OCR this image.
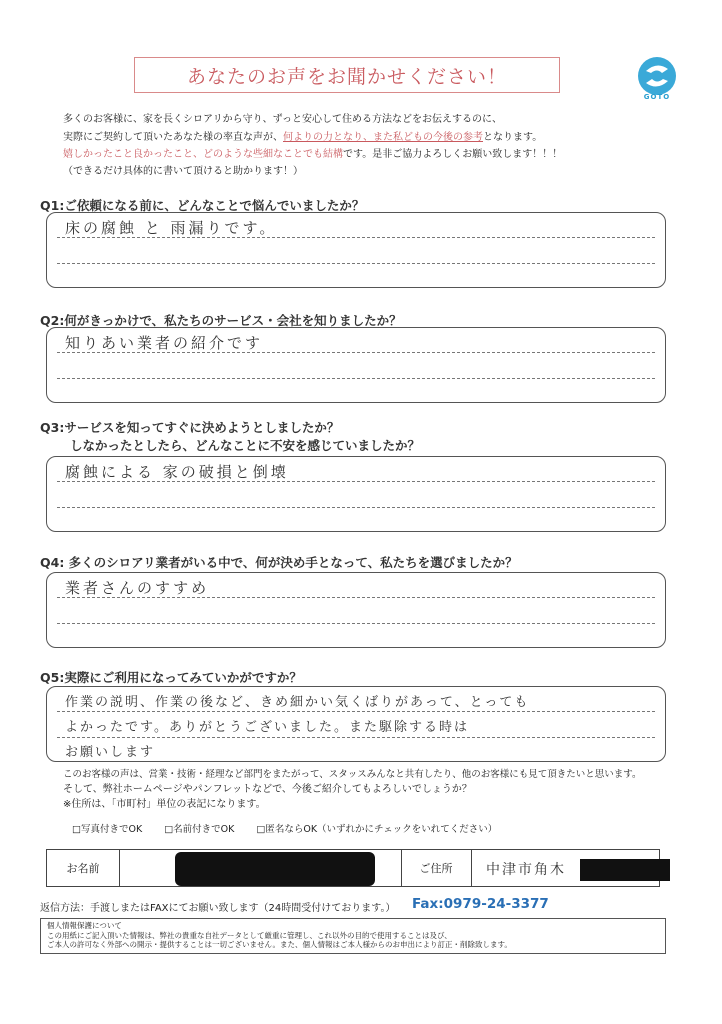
あなたのお声をお聞かせください！
GOTO
多くのお客様に、家を長くシロアリから守り、ずっと安心して住める方法などをお伝えするのに、
実際にご契約して頂いたあなた様の率直な声が、何よりの力となり、また私どもの今後の参考となります。
嬉しかったこと良かったこと、どのような些細なことでも結構です。是非ご協力よろしくお願い致します！！！
（できるだけ具体的に書いて頂けると助かります！）
Q1:ご依頼になる前に、どんなことで悩んでいましたか？
床の腐蝕 と 雨漏りです。
Q2:何がきっかけで、私たちのサービス・会社を知りましたか？
知りあい業者の紹介です
Q3:サービスを知ってすぐに決めようとしましたか？
しなかったとしたら、どんなことに不安を感じていましたか？
腐蝕による 家の破損と倒壊
Q4: 多くのシロアリ業者がいる中で、何が決め手となって、私たちを選びましたか？
業者さんのすすめ
Q5:実際にご利用になってみていかがですか？
作業の説明、作業の後など、きめ細かい気くばりがあって、とっても
よかったです。ありがとうございました。また駆除する時は
お願いします
このお客様の声は、営業・技術・経理など部門をまたがって、スタッスみんなと共有したり、他のお客様にも見て頂きたいと思います。
そして、弊社ホームページやパンフレットなどで、今後ご紹介してもよろしいでしょうか？
※住所は、「市町村」単位の表記になります。
□写真付きでOK □名前付きでOK □匿名ならOK（いずれかにチェックをいれてください）
お名前	ご住所	中津市角木
返信方法：手渡しまたはFAXにてお願い致します（24時間受付けております。） Fax:0979-24-3377
個人情報保護について
この用紙にご記入頂いた情報は、弊社の貴重な自社データとして厳重に管理し、これ以外の目的で使用することは及び、
ご本人の許可なく外部への開示・提供することは一切ございません。また、個人情報はご本人様からのお申出により訂正・削除致します。
